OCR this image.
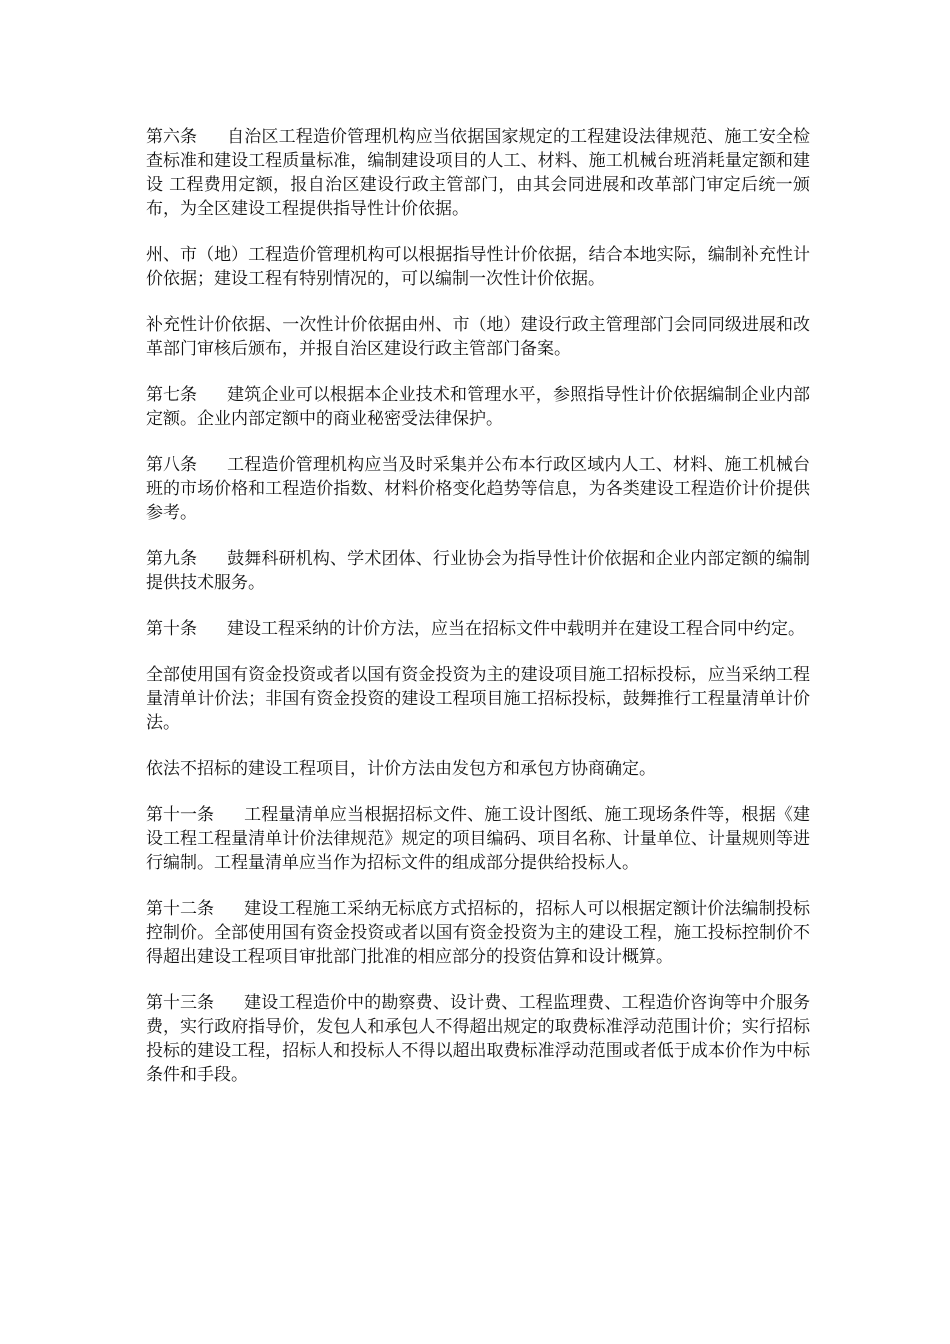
第六条 自治区工程造价管理机构应当依据国家规定的工程建设法律规范、施工安全检查标准和建设工程质量标准，编制建设项目的人工、材料、施工机械台班消耗量定额和建设 工程费用定额，报自治区建设行政主管部门，由其会同进展和改革部门审定后统一颁布，为全区建设工程提供指导性计价依据。

州、市（地）工程造价管理机构可以根据指导性计价依据，结合本地实际，编制补充性计价依据；建设工程有特别情况的，可以编制一次性计价依据。

补充性计价依据、一次性计价依据由州、市（地）建设行政主管理部门会同同级进展和改革部门审核后颁布，并报自治区建设行政主管部门备案。

第七条 建筑企业可以根据本企业技术和管理水平，参照指导性计价依据编制企业内部定额。企业内部定额中的商业秘密受法律保护。

第八条 工程造价管理机构应当及时采集并公布本行政区域内人工、材料、施工机械台班的市场价格和工程造价指数、材料价格变化趋势等信息，为各类建设工程造价计价提供参考。

第九条 鼓舞科研机构、学术团体、行业协会为指导性计价依据和企业内部定额的编制提供技术服务。

第十条 建设工程采纳的计价方法，应当在招标文件中载明并在建设工程合同中约定。

全部使用国有资金投资或者以国有资金投资为主的建设项目施工招标投标，应当采纳工程量清单计价法；非国有资金投资的建设工程项目施工招标投标，鼓舞推行工程量清单计价法。

依法不招标的建设工程项目，计价方法由发包方和承包方协商确定。

第十一条 工程量清单应当根据招标文件、施工设计图纸、施工现场条件等，根据《建设工程工程量清单计价法律规范》规定的项目编码、项目名称、计量单位、计量规则等进行编制。工程量清单应当作为招标文件的组成部分提供给投标人。

第十二条 建设工程施工采纳无标底方式招标的，招标人可以根据定额计价法编制投标控制价。全部使用国有资金投资或者以国有资金投资为主的建设工程，施工投标控制价不得超出建设工程项目审批部门批准的相应部分的投资估算和设计概算。

第十三条 建设工程造价中的勘察费、设计费、工程监理费、工程造价咨询等中介服务费，实行政府指导价，发包人和承包人不得超出规定的取费标准浮动范围计价；实行招标投标的建设工程，招标人和投标人不得以超出取费标准浮动范围或者低于成本价作为中标条件和手段。
